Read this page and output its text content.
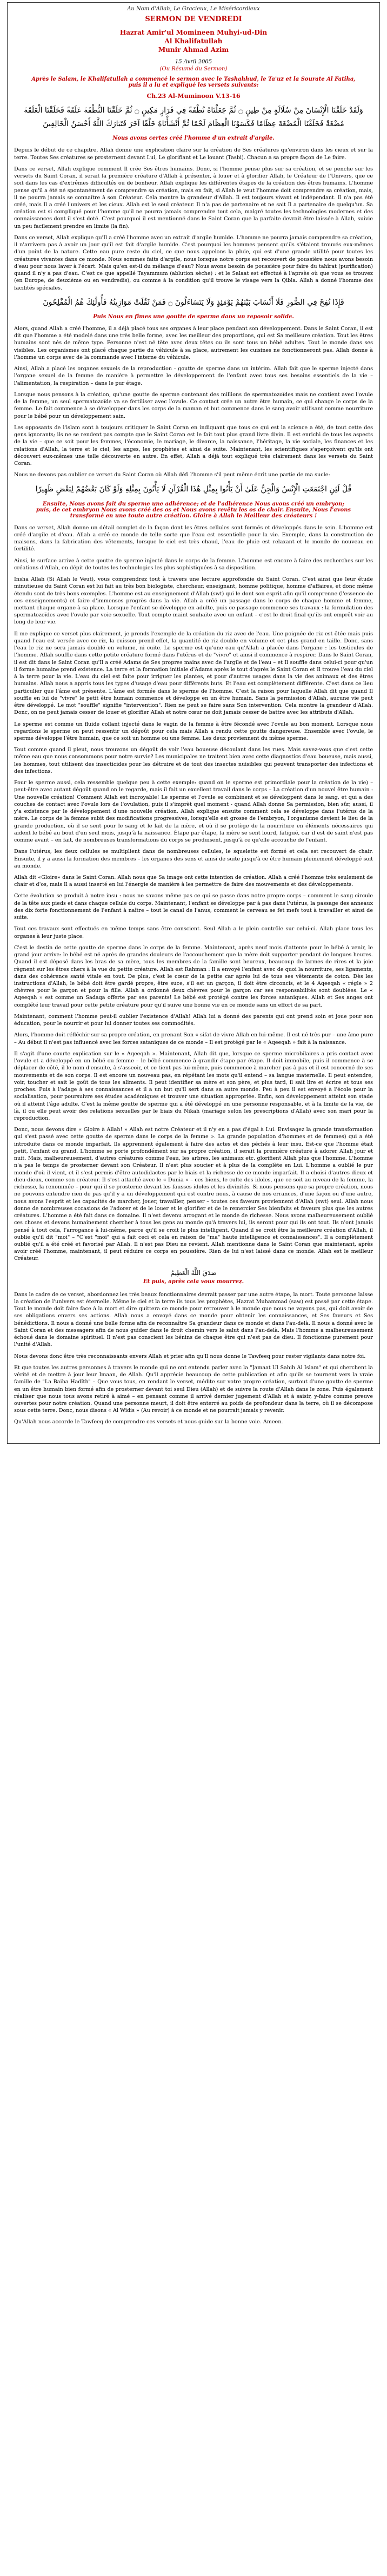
Au Nom d'Allah, Le Gracieux, Le Miséricordieux
SERMON DE VENDREDI
Hazrat Amir'ul Momineen Muhyi-ud-Din
Al Khalifatullah
Munir Ahmad Azim
15 Avril 2005
(Ou Résumé du Sermon)
Après le Salam, le Khalifatullah a commencé le sermon avec le Tashahhud, le Ta'uz et la Sourate Al Fatiha, puis il a lu et expliqué les versets suivants:
Ch.23 Al-Muminoon V.13-16
وَلَقَدْ خَلَقْنَا الْإِنْسَانَ مِنْ سُلَالَةٍ مِنْ طِينٍ ۝ ثُمَّ جَعَلْنَاهُ نُطْفَةً فِي قَرَارٍ مَكِينٍ ۝ ثُمَّ خَلَقْنَا النُّطْفَةَ عَلَقَةً فَخَلَقْنَا الْعَلَقَةَ مُضْغَةً فَخَلَقْنَا الْمُضْغَةَ عِظَامًا فَكَسَوْنَا الْعِظَامَ لَحْمًا ثُمَّ أَنْشَأْنَاهُ خَلْقًا آخَرَ فَتَبَارَكَ اللَّهُ أَحْسَنُ الْخَالِقِينَ
Nous avons certes créé l'homme d'un extrait d'argile.

Depuis le début de ce chapitre, Allah donne une explication claire sur la création de Ses créatures qu'environ dans les cieux et sur la terre. Toutes Ses créatures se prosternent devant Lui, Le glorifiant et Le louant (Tasbi). Chacun a sa propre façon de Le faire.

Dans ce verset, Allah explique comment Il crée Ses êtres humains. Donc, si l'homme pense plus sur sa création, et se penche sur les versets du Saint Coran, il serait la première créature d'Allah à présenter, à louer et à glorifier Allah, le Créateur de l'Univers, que ce soit dans les cas d'extrêmes difficultés ou de bonheur. Allah explique les différentes étapes de la création des êtres humains. L'homme pense qu'il a été né spontanément de comprendre sa création, mais en fait, si Allah le veut l'homme doit comprendre sa création, mais, il ne pourra jamais se connaître à son Créateur. Cela montre la grandeur d'Allah. Il est toujours vivant et indépendant. Il n'a pas été créé, mais Il a créé l'univers et les cieux. Allah est le seul créateur. Il n'a pas de partenaire et ne sait Il a partenaire de quelqu'un. Sa création est si compliqué pour l'homme qu'il ne pourra jamais comprendre tout cela, malgré toutes les technologies modernes et des connaissances dont il s'est doté. C'est pourquoi il est mentionné dans le Saint Coran que la parfaite devrait être laissée à Allah, suivie un peu facilement prendre en limite (la fin).

Dans ce verset, Allah explique qu'Il a créé l'homme avec un extrait d'argile humide. L'homme ne pourra jamais comprendre sa création, il n'arrivera pas à avoir un jour qu'il est fait d'argile humide. C'est pourquoi les hommes pensent qu'ils s'étaient trouvés eux-mêmes d'un point de la nature. Cette eau pure reste du ciel, ce que nous appelons la pluie, qui est d'une grande utilité pour toutes les créatures vivantes dans ce monde. Nous sommes faits d'argile, nous lorsque notre corps est recouvert de poussière nous avons besoin d'eau pour nous laver à l'écart. Mais qu'en est-il du mélange d'eau? Nous avons besoin de poussière pour faire du tahîrat (purification) quand il n'y a pas d'eau. C'est ce que appellé Tayammum (ablution sèche) : et le Salaat est effectué à l'aprsès où que vous se trouvez (en Europe, de deuxième ou en vendredis), ou comme à la condition qu'il trouve le visage vers la Qibla. Allah a donné l'homme des facilités spéciales.

فَإِذَا نُفِخَ فِي الصُّورِ فَلَا أَنْسَابَ بَيْنَهُمْ يَوْمَئِذٍ وَلَا يَتَسَاءَلُونَ ۝ فَمَنْ ثَقُلَتْ مَوَازِينُهُ فَأُولَٰئِكَ هُمُ الْمُفْلِحُونَ
Puis Nous en fîmes une goutte de sperme dans un reposoir solide.

Alors, quand Allah a créé l'homme, il a déjà placé tous ses organes à leur place pendant son développement. Dans le Saint Coran, il est dit que l'homme a été modelé dans une très belle forme, avec les meilleur des proportions, qui est Sa meilleure création. Tout les êtres humains sont nés de même type. Personne n'est né tête avec deux têtes ou ils sont tous un bébé adultes. Tout le monde dans ses visibles. Les organismes ont placé chaque partie du véhicule à sa place, autrement les cuisines ne fonctionneront pas. Allah donne à l'homme un corps avec de la commande avec l'interne du véhicule.

Ainsi, Allah a placé les organes sexuels de la reproduction - goutte de sperme dans un intérim. Allah fait que le sperme injecté dans l'organe sexuel de la femme de manière à permettre le développement de l'enfant avec tous ses besoins essentiels de la vie – l'alimentation, la respiration – dans le pur étage.

Lorsque nous pensons à la création, qu'une goutte de sperme contenant des millions de spermatozoïdes mais ne contient avec l'ovule de la femme, un seul spermatozoïde va se fertiliser avec l'ovule. Ce contact crée un autre être humain, ce qui change le corps de la femme. Le fait commence à se développer dans les corps de la maman et but commence dans le sang avoir utilisant comme nourriture pour le bébé pour un développement sain.

Les opposants de l'islam sont à toujours critiquer le Saint Coran en indiquant que tous ce qui est la science a été, de tout cette des gens ignorants; ils ne se rendent pas compte que le Saint Coran est le fait tout plus grand livre divin. Il est enrichi de tous les aspects de la vie – que ce soit pour les femmes, l'économie, le mariage, le divorce, la naissance, l'héritage, la vie sociale, les finances et les relations d'Allah, la terre et le ciel, les anges, les prophètes et ainsi de suite. Maintenant, les scientifiques s'aperçoivent qu'ils ont découvert eux-mêmes une telle découverte en autre. En effet, Allah a déjà tout expliqué très clairement dans les versets du Saint Coran.

Nous ne devons pas oublier ce verset du Saint Coran où Allah défi l'homme s'il peut même écrit une partie de ma sucle:

قُلْ لَئِنِ اجْتَمَعَتِ الْإِنْسُ وَالْجِنُّ عَلَىٰ أَنْ يَأْتُوا بِمِثْلِ هَٰذَا الْقُرْآنِ لَا يَأْتُونَ بِمِثْلِهِ وَلَوْ كَانَ بَعْضُهُمْ لِبَعْضٍ ظَهِيرًا
Ensuite, Nous avons fait du sperme une adhérence; et de l'adhérence Nous avons créé un embryon; puis, de cet embryon Nous avons créé des os et Nous avons revêtu les os de chair. Ensuite, Nous l'avons transformé en une toute autre création. Gloire à Allah le Meilleur des créateurs !

Dans ce verset, Allah donne un détail complet de la façon dont les êtres cellules sont formés et développés dans le sein. L'homme est créé d'argile et d'eau. Allah a créé ce monde de telle sorte que l'eau est essentielle pour la vie. Exemple, dans la construction de maisons, dans la fabrication des vêtements, lorsque le ciel est très chaud, l'eau de pluie est relaxant et le monde de nouveau en fertilité.

Ainsi, le surface arrive à cette goutte de sperme injecté dans le corps de la femme. L'homme est encore à faire des recherches sur les créations d'Allah, en dépit de toutes les technologies les plus sophistiquées à sa disposition.

Insha Allah (Si Allah le Veut), vous comprendrez tout à travers une lecture approfondie du Saint Coran. C'est ainsi que leur étude minutieuse du Saint Coran est lui fait au très bon biologiste, chercheur, enseignant, homme politique, homme d'affaires, et donc même étendu sont de très bons exemples. L'homme est au enseignement d'Allah (swt) qui le dont son esprit afin qu'il comprenne (l'essence de ces enseignements) et faire d'immenses progrès dans la vie. Allah a créé un passage dans le corps de chaque homme et femme, mettant chaque organe à sa place. Lorsque l'enfant se développe en adulte, puis ce passage commence ses travaux : la formulation des spermatozoïdes avec l'ovule par voie sexuelle. Tout compte maint souhaite avec un enfant – c'est le droit final qu'ils ont emprêt voir au long de leur vie.

Il me explique ce verset plus clairement, je prends l'exemple de la création du riz avec de l'eau. Une poignée de riz est ôtée mais puis quand l'eau est versée avec ce riz, la cuisson prend effet, la quantité de riz double en volume et cet plus grand en taille. Donc, sans l'eau le riz ne sera jamais doublé en volume, ni cuite. Le sperme est qu'une eau qu'Allah a placée dans l'organe : les testicules de l'homme. Allah souffle dans cette petite créature formé dans l'utérus et de "vivre" et ainsi il commence à respirer. Dans le Saint Coran, il est dit dans le Saint Coran qu'Il a créé Adams de Ses propres mains avec de l'argile et de l'eau – et Il souffle dans celui-ci pour qu'un il forme humaine prend existence. La terre et la formation initiale d'Adams après le tout d'après le Saint Coran et Il trouve l'eau du ciel à la terre pour la vie. L'eau du ciel est faite pour irriguer les plantes, et pour d'autres usages dans la vie des animaux et des êtres humains. Allah nous a appris tous les types d'usage d'eau pour différents buts. Et l'eau est complètement différente. C'est dans ce lieu particulier que l'âme est présente. L'âme est formée dans le sperme de l'homme. C'est la raison pour laquelle Allah dit que quand Il souffle en lui de "vivre" le petit être humain commence et développe en un être humain. Sans la permission d'Allah, aucune vie peut être développé. Le mot "souffle" signifie "intervention". Rien ne peut se faire sans Son intervention. Cela montre la grandeur d'Allah. Donc, on ne peut jamais cesser de louer et glorifier Allah et notre cœur ne doit jamais cesser de battre avec les attributs d'Allah.

Le sperme est comme un fluide collant injecté dans le vagin de la femme à être fécondé avec l'ovule au bon moment. Lorsque nous regardons le sperme on peut ressentir un dégoût pour cela mais Allah a rendu cette goutte dangereuse. Ensemble avec l'ovule, le sperme développe l'être humain, que ce soit un homme ou une femme. Les deux proviennent du même sperme.

Tout comme quand il pleut, nous trouvons un dégoût de voir l'eau boueuse découlant dans les rues. Mais savez-vous que c'est cette même eau que nous consommons pour notre survie? Les municipales ne traitent bien avec cette diagnostics d'eau boueuse, mais aussi, les hommes, tout utilisent des insecticides pour les détruire et de tout des insectes nuisibles qui peuvent transporter des infections et des infections.

Pour le sperme aussi, cela ressemble quelque peu à cette exemple: quand on le sperme est primordiale pour la création de la vie) – peut-être avec autant dégoût quand on le regarde, mais il fait un excellent travail dans le corps – La création d'un nouvel être humain : Une nouvelle création! Comment Allah est incroyable! Le sperme et l'ovule se combinent et se développent dans le sang, et qui a des couches de contact avec l'ovule lors de l'ovulation, puis il s'imprèt quel moment - quand Allah donne Sa permission, bien sûr, aussi, il y'a existence par le développement d'une nouvelle création. Allah explique ensuite comment cela se développe dans l'utérus de la mère. Le corps de la femme subit des modifications progressives, lorsqu'elle est grosse de l'embryon, l'organisme devient le lieu de la grande production, où il se sent pour le sang et le lait de la mère, et où il se protège de la nourriture en éléments nécessaires qui aident le bébé au bout d'un seul mois, jusqu'à la naissance. Étape par étape, la mère se sent lourd, fatigué, car il est de saint n'est pas comme avant – en fait, de nombreuses transformations du corps se produisent, jusqu'à ce qu'elle accouche de l'enfant.

Dans l'utérus, les deux cellules se multiplient dans de nombreuses cellules, le squelette est formé et cela est recouvert de chair. Ensuite, il y a aussi la formation des membres – les organes des sens et ainsi de suite jusqu'à ce être humain pleinement développé soit au monde.

Allah dit «Gloire» dans le Saint Coran. Allah nous que Sa image ont cette intention de création. Allah a créé l'homme très seulement de chair et d'os, mais Il a aussi inserté en lui l'énergie de manière à les permettre de faire des mouvements et des développements.

Cette évolution se produit à notre insu : nous ne savons même pas ce qui se passe dans notre propre corps – comment le sang circule de la tête aux pieds et dans chaque cellule du corps. Maintenant, l'enfant se développe par à pas dans l'utérus, la passage des anneaux des dix forte fonctionnement de l'enfant à naître – tout le canal de l'anus, comment le cerveau se fet mefs tout à travailler et ainsi de suite.

Tout ces travaux sont effectués en même temps sans être conscient. Seul Allah a le plein contrôle sur celui-ci. Allah place tous les organes à leur juste place.

C'est le destin de cette goutte de sperme dans le corps de la femme. Maintenant, après neuf mois d'attente pour le bébé à venir, le grand jour arrive: le bébé est né après de grandes douleurs de l'accouchement que la mère doit supporter pendant de longues heures. Quand il est déposé dans les bras de sa mère, tous les membres de la famille sont heureux, beaucoup de larmes de rires et la joie règnent sur les êtres chers à la vue du petite créature. Allah est Rahman : Il a envoyé l'enfant avec de quoi la nourriture, ses ligaments, dans des cohérence santé vitale en tout. De plus, c'est le cœur de la petite car après lui de tous ses vêtements de coton. Dès les instructions d'Allah, le bébé doit être gardé propre, être suce, s'il est un garçon, il doit être circoncis, et le 4 Aqeeqah « régle » 2 chèvres pour le garçon et pour la fille. Allah a ordonné deux chèvres pour le garçon car ses responsabilités sont doublées. Le « Aqeeqah » est comme un Sadaqa offerte par ses parents! Le bébé est protégé contre les forces sataniques. Allah et Ses anges ont complété leur travail pour cette petite créature pour qu'il suive une bonne vie en ce monde sans un effort de sa part.

Maintenant, comment l'homme peut-il oublier l'existence d'Allah! Allah lui a donné des parents qui ont prend soin et joue pour son éducation, pour le nourrir et pour lui donner toutes ses commodités.

Alors, l'homme doit réfléchir sur sa propre création, en prenant Son « sifat de vivre Allah en lui-même. Il est né très pur – une âme pure – Au début il n'est pas influencé avec les forces sataniques de ce monde – Il est protégé par le « Aqeeqah » fait à la naissance.

Il s'agit d'une courte explication sur le « Aqeeqah ». Maintenant, Allah dit que, lorsque ce sperme microbilaires a pris contact avec l'ovule et a développé en un bébé ou femme – le bébé commence à grandir étape par étape. Il doit immobile, puis il commence à se déplacer de côté, il le nom d'ensuite, à s'asseoir, et ce tient pas lui-même, puis commence à marcher pas à pas et il est concerné de ses mouvements et de son corps. Il est encore un nouveau pas, en répétant les mots qu'il entend – sa langue maternelle. Il peut entendre, voir, toucher et sait le goût de tous les aliments. Il peut identifier sa mère et son père, et plus tard, il sait lire et écrire et tous ses proches. Puis à l'adage à ses connaissances et il a un but qu'il sert dans sa autre monde. Peu à peu il est envoyé à l'école pour la socialisation, pour poursuivre ses études académiques et trouver une situation appropriée. Enfin, son développement atteint son stade où il atteint l'âge adulte. C'est la même goutte de sperme qui a été développé en une personne responsable, et à la limite de la vie, de là, il ou elle peut avoir des relations sexuelles par le biais du Nikah (mariage selon les prescriptions d'Allah) avec son mari pour la reproduction.

Donc, nous devons dire « Gloire à Allah! » Allah est notre Créateur et il n'y en a pas d'égal à Lui. Envisagez la grande transformation qui s'est passé avec cette goutte de sperme dans le corps de la femme ». La grande population d'hommes et de femmes) qui a été introduite dans ce monde imparfait. Ils apprennent également à faire des actes et des péchés à leur insu. Est-ce que l'homme était petit, l'enfant ou grand. L'homme se porte profondément sur sa propre création, il serait la première créature à adorer Allah jour et nuit. Mais, malheureusement, d'autres créatures comme l'eau, les arbres, les animaux etc. glorifient Allah plus que l'homme. L'homme n'a pas le temps de prosterner devant son Créateur. Il n'est plus soucier et à plus de la complète en Lui. L'homme a oublié le pur monde d'où il vient, et il s'est permis d'être autodidactes par le biais et la richesse de ce monde imparfait. Il a choisi d'autres dieux et dieu-dieux, comme son créateur. Il s'est attaché avec le « Dunia » – ces biens, le culte des idoles, que ce soit au niveau de la femme, la richesse, la renommée – pour qui il se prosterne devant les fausses idoles et les divinités. Si nous pensons que sa propre création, nous ne pouvons entendre rien de pas qu'il y a un développement qui est contre nous, à cause de nos errances, d'une façon ou d'une autre, nous avons l'esprit et les capacités de marcher, jouer, travailler, penser – toutes ces faveurs proviennent d'Allah (swt) seul. Allah nous donne de nombreuses occasions de l'adorer et de le louer et le glorifier et de le remercier Ses bienfaits et faveurs plus que les autres créatures. L'homme a été fait dans ce domaine. Il n'est devenu arrogant et le monde de richesse. Nous avons malheureusement oublié ces choses et devons humainement chercher à tous les gens au monde qu'à travers lui, ils seront pour qui ils ont tout. Ils n'ont jamais pensé à tout cela, l'arrogance à lui-même, parce qu'il se croit le plus intelligent. Quand il se croit être la meilleure création d'Allah, il oublie qu'il dit "moi" – "C'est "moi" qui a fait ceci et cela en raison de "ma" haute intelligence et connaissances". Il a complètement oublié qu'il a été créé et favorisé par Allah. Il n'est pas Dieu ne revient. Allah mentionne dans le Saint Coran que maintenant, après avoir créé l'homme, maintenant, il peut réduire ce corps en poussière. Rien de lui n'est laissé dans ce monde. Allah est le meilleur Créateur.

صَدَقَ اللَّهُ الْعَظِيمُ
Et puis, après cela vous mourrez.

Dans le cadre de ce verset, abordonnez les très beaux fonctionnaires devrait passer par une autre étape, la mort. Toute personne laisse la création de l'univers est éternelle. Même le ciel et la terre ils tous les prophètes, Hazrat Muhammad (saw) est passé par cette étape. Tout le monde doit faire face à la mort et dire quittera ce monde pour retrouver à le monde que nous ne voyons pas, qui doit avoir de ses obligations envers ses actions. Allah nous a envoyé dans ce monde pour obtenir les connaissances, et Ses faveurs et Ses bénédictions. Il nous a donné une belle forme afin de reconnaître Sa grandeur dans ce monde et dans l'au-delà. Il nous a donné avec le Saint Coran et des messagers afin de nous guider dans le droit chemin vers le salut dans l'au-delà. Mais l'homme a malheureusement échoué dans le domaine spirituel. Il n'est pas conscient les bénins de chaque être qui n'est pas de dieu. Il fonctionne purement pour l'unité d'Allah.

Nous devons donc être très reconnaissants envers Allah et prier afin qu'Il nous donne le Tawfeeq pour rester vigilants dans notre foi.

Et que toutes les autres personnes à travers le monde qui ne ont entendu parler avec la "Jamaat Ul Sahih Al Islam" et qui cherchent la vérité et de mettre à jour leur Imaan, de Allah. Qu'il apprécie beaucoup de cette publication et afin qu'ils se tournent vers la vraie famille de "La Baiha Hadîth" – Que vous tous, en rendant le verset, médite sur votre propre création, surtout d'une goutte de sperme en un être humain bien formé afin de prosterner devant toi seul Dieu (Allah) et de suivre la route d'Allah dans le zone. Puis également réaliser que nous tous avons retiré à aimé – en pensant comme il arrivé dernier jugement d'Allah et à saisir, y-faire comme preuve ouvertes pour notre création. Quand une personne meurt, il doit être enterré au poids de profondeur dans la terre, où il se décompose sous cette terre. Donc, nous disons « Al Widis » (Au revoir) à ce monde et ne pourrait jamais y revenir.

Qu'Allah nous accorde le Tawfeeq de comprendre ces versets et nous guide sur la bonne voie. Ameen.
